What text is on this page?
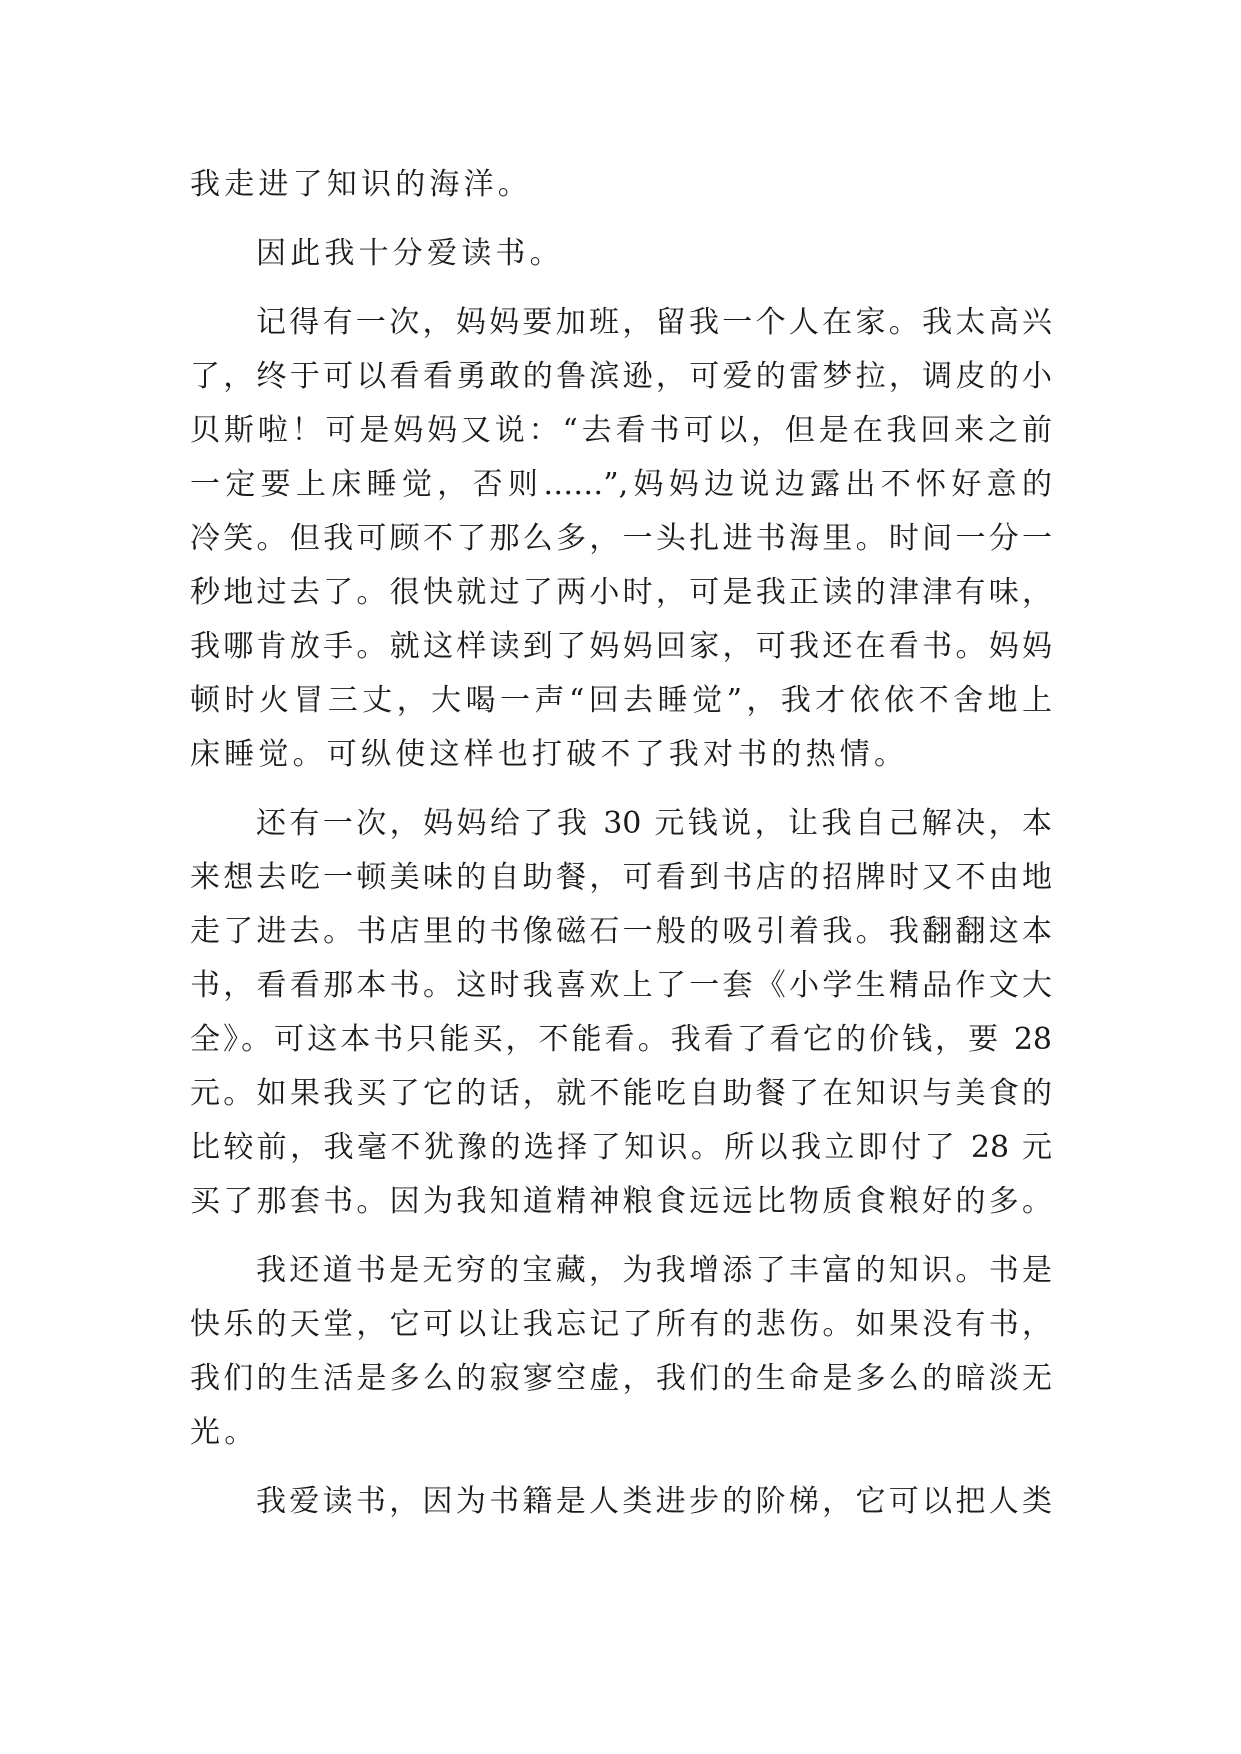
我走进了知识的海洋。
因此我十分爱读书。
记得有一次，妈妈要加班，留我一个人在家。我太高兴
了，终于可以看看勇敢的鲁滨逊，可爱的雷梦拉，调皮的小
贝斯啦！可是妈妈又说：“去看书可以，但是在我回来之前
一定要上床睡觉，否则……”,妈妈边说边露出不怀好意的
冷笑。但我可顾不了那么多，一头扎进书海里。时间一分一
秒地过去了。很快就过了两小时，可是我正读的津津有味，
我哪肯放手。就这样读到了妈妈回家，可我还在看书。妈妈
顿时火冒三丈，大喝一声“回去睡觉”，我才依依不舍地上
床睡觉。可纵使这样也打破不了我对书的热情。
还有一次，妈妈给了我 30 元钱说，让我自己解决，本
来想去吃一顿美味的自助餐，可看到书店的招牌时又不由地
走了进去。书店里的书像磁石一般的吸引着我。我翻翻这本
书，看看那本书。这时我喜欢上了一套《小学生精品作文大
全》。可这本书只能买，不能看。我看了看它的价钱，要 28
元。如果我买了它的话，就不能吃自助餐了在知识与美食的
比较前，我毫不犹豫的选择了知识。所以我立即付了 28 元
买了那套书。因为我知道精神粮食远远比物质食粮好的多。
我还道书是无穷的宝藏，为我增添了丰富的知识。书是
快乐的天堂，它可以让我忘记了所有的悲伤。如果没有书，
我们的生活是多么的寂寥空虚，我们的生命是多么的暗淡无
光。
我爱读书，因为书籍是人类进步的阶梯，它可以把人类
